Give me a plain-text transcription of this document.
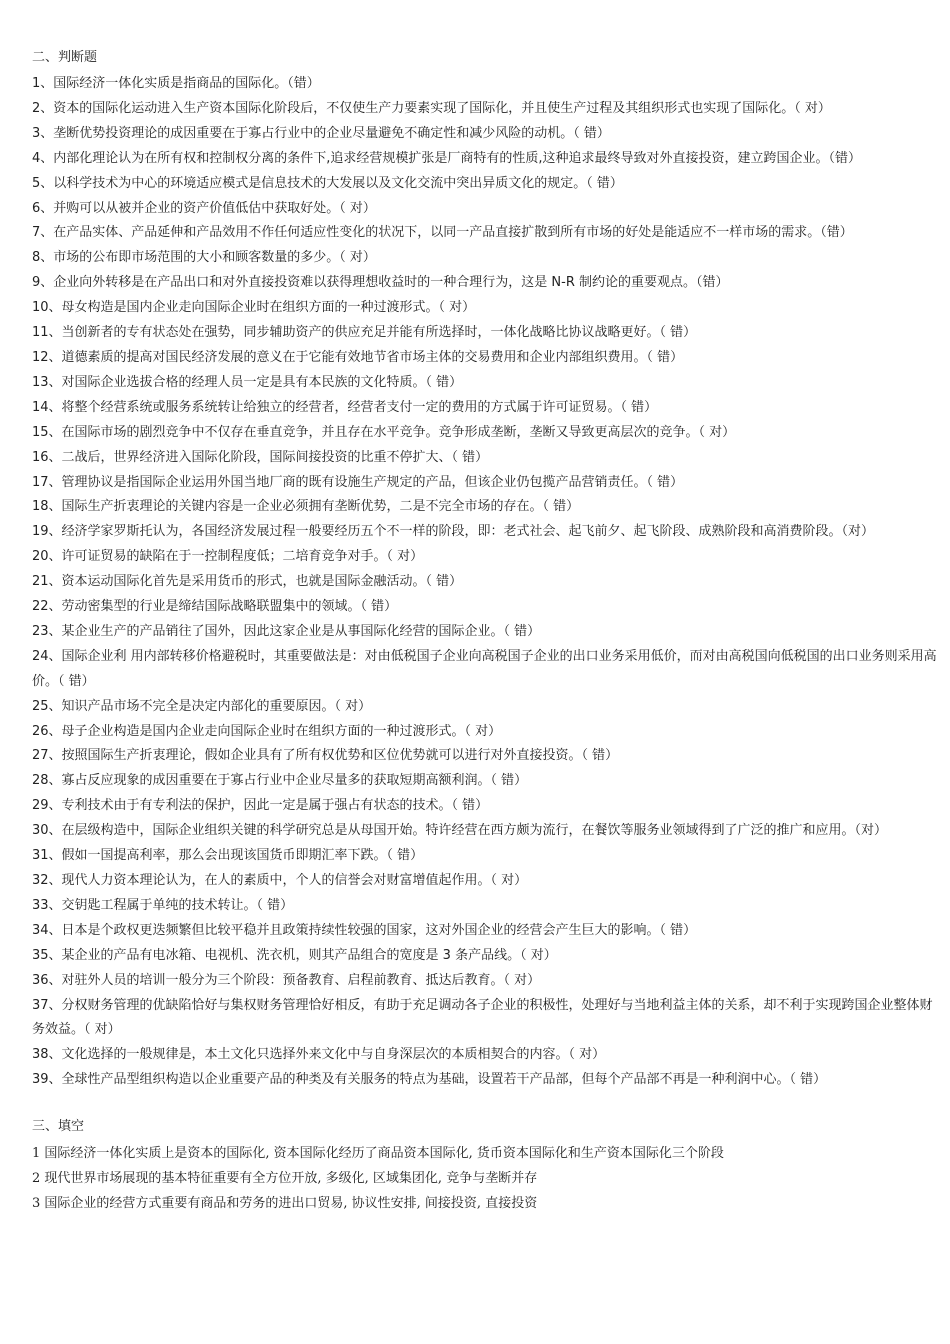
二、判断题

1、国际经济一体化实质是指商品的国际化。（错）

2、资本的国际化运动进入生产资本国际化阶段后，不仅使生产力要素实现了国际化，并且使生产过程及其组织形式也实现了国际化。（ 对）

3、垄断优势投资理论的成因重要在于寡占行业中的企业尽量避免不确定性和减少风险的动机。（ 错）

4、内部化理论认为在所有权和控制权分离的条件下,追求经营规模扩张是厂商特有的性质,这种追求最终导致对外直接投资，建立跨国企业。（错）

5、以科学技术为中心的环境适应模式是信息技术的大发展以及文化交流中突出异质文化的规定。（ 错）

6、并购可以从被并企业的资产价值低估中获取好处。（ 对）

7、在产品实体、产品延伸和产品效用不作任何适应性变化的状况下，以同一产品直接扩散到所有市场的好处是能适应不一样市场的需求。（错）

8、市场的公布即市场范围的大小和顾客数量的多少。（ 对）

9、企业向外转移是在产品出口和对外直接投资难以获得理想收益时的一种合理行为，这是 N-R 制约论的重要观点。（错）

10、母女构造是国内企业走向国际企业时在组织方面的一种过渡形式。（ 对）

11、当创新者的专有状态处在强势，同步辅助资产的供应充足并能有所选择时，一体化战略比协议战略更好。（ 错）

12、道德素质的提高对国民经济发展的意义在于它能有效地节省市场主体的交易费用和企业内部组织费用。（ 错）

13、对国际企业选拔合格的经理人员一定是具有本民族的文化特质。（ 错）

14、将整个经营系统或服务系统转让给独立的经营者，经营者支付一定的费用的方式属于许可证贸易。（ 错）

15、在国际市场的剧烈竞争中不仅存在垂直竞争，并且存在水平竞争。竞争形成垄断，垄断又导致更高层次的竞争。（ 对）

16、二战后，世界经济进入国际化阶段，国际间接投资的比重不停扩大、（ 错）

17、管理协议是指国际企业运用外国当地厂商的既有设施生产规定的产品，但该企业仍包揽产品营销责任。（ 错）

18、国际生产折衷理论的关键内容是一企业必须拥有垄断优势，二是不完全市场的存在。（ 错）

19、经济学家罗斯托认为，各国经济发展过程一般要经历五个不一样的阶段，即：老式社会、起飞前夕、起飞阶段、成熟阶段和高消费阶段。（对）

20、许可证贸易的缺陷在于一控制程度低；二培育竞争对手。（ 对）

21、资本运动国际化首先是采用货币的形式，也就是国际金融活动。（ 错）

22、劳动密集型的行业是缔结国际战略联盟集中的领域。（ 错）

23、某企业生产的产品销往了国外，因此这家企业是从事国际化经营的国际企业。（ 错）

24、国际企业利 用内部转移价格避税时，其重要做法是：对由低税国子企业向高税国子企业的出口业务采用低价，而对由高税国向低税国的出口业务则采用高价。（ 错）

25、知识产品市场不完全是决定内部化的重要原因。（ 对）

26、母子企业构造是国内企业走向国际企业时在组织方面的一种过渡形式。（ 对）

27、按照国际生产折衷理论，假如企业具有了所有权优势和区位优势就可以进行对外直接投资。（ 错）

28、寡占反应现象的成因重要在于寡占行业中企业尽量多的获取短期高额利润。（ 错）

29、专利技术由于有专利法的保护，因此一定是属于强占有状态的技术。（ 错）

30、在层级构造中，国际企业组织关键的科学研究总是从母国开始。特许经营在西方颇为流行，在餐饮等服务业领域得到了广泛的推广和应用。（对）

31、假如一国提高利率，那么会出现该国货币即期汇率下跌。（ 错）

32、现代人力资本理论认为，在人的素质中，个人的信誉会对财富增值起作用。（ 对）

33、交钥匙工程属于单纯的技术转让。（ 错）

34、日本是个政权更迭频繁但比较平稳并且政策持续性较强的国家，这对外国企业的经营会产生巨大的影响。（ 错）

35、某企业的产品有电冰箱、电视机、洗衣机，则其产品组合的宽度是 3 条产品线。（ 对）

36、对驻外人员的培训一般分为三个阶段：预备教育、启程前教育、抵达后教育。（ 对）

37、分权财务管理的优缺陷恰好与集权财务管理恰好相反，有助于充足调动各子企业的积极性，处理好与当地利益主体的关系，却不利于实现跨国企业整体财务效益。（ 对）

38、文化选择的一般规律是，本土文化只选择外来文化中与自身深层次的本质相契合的内容。（ 对）

39、全球性产品型组织构造以企业重要产品的种类及有关服务的特点为基础，设置若干产品部，但每个产品部不再是一种利润中心。（ 错）

三、填空

1 国际经济一体化实质上是资本的国际化, 资本国际化经历了商品资本国际化, 货币资本国际化和生产资本国际化三个阶段

2 现代世界市场展现的基本特征重要有全方位开放, 多级化, 区域集团化, 竞争与垄断并存

3 国际企业的经营方式重要有商品和劳务的进出口贸易, 协议性安排, 间接投资, 直接投资
